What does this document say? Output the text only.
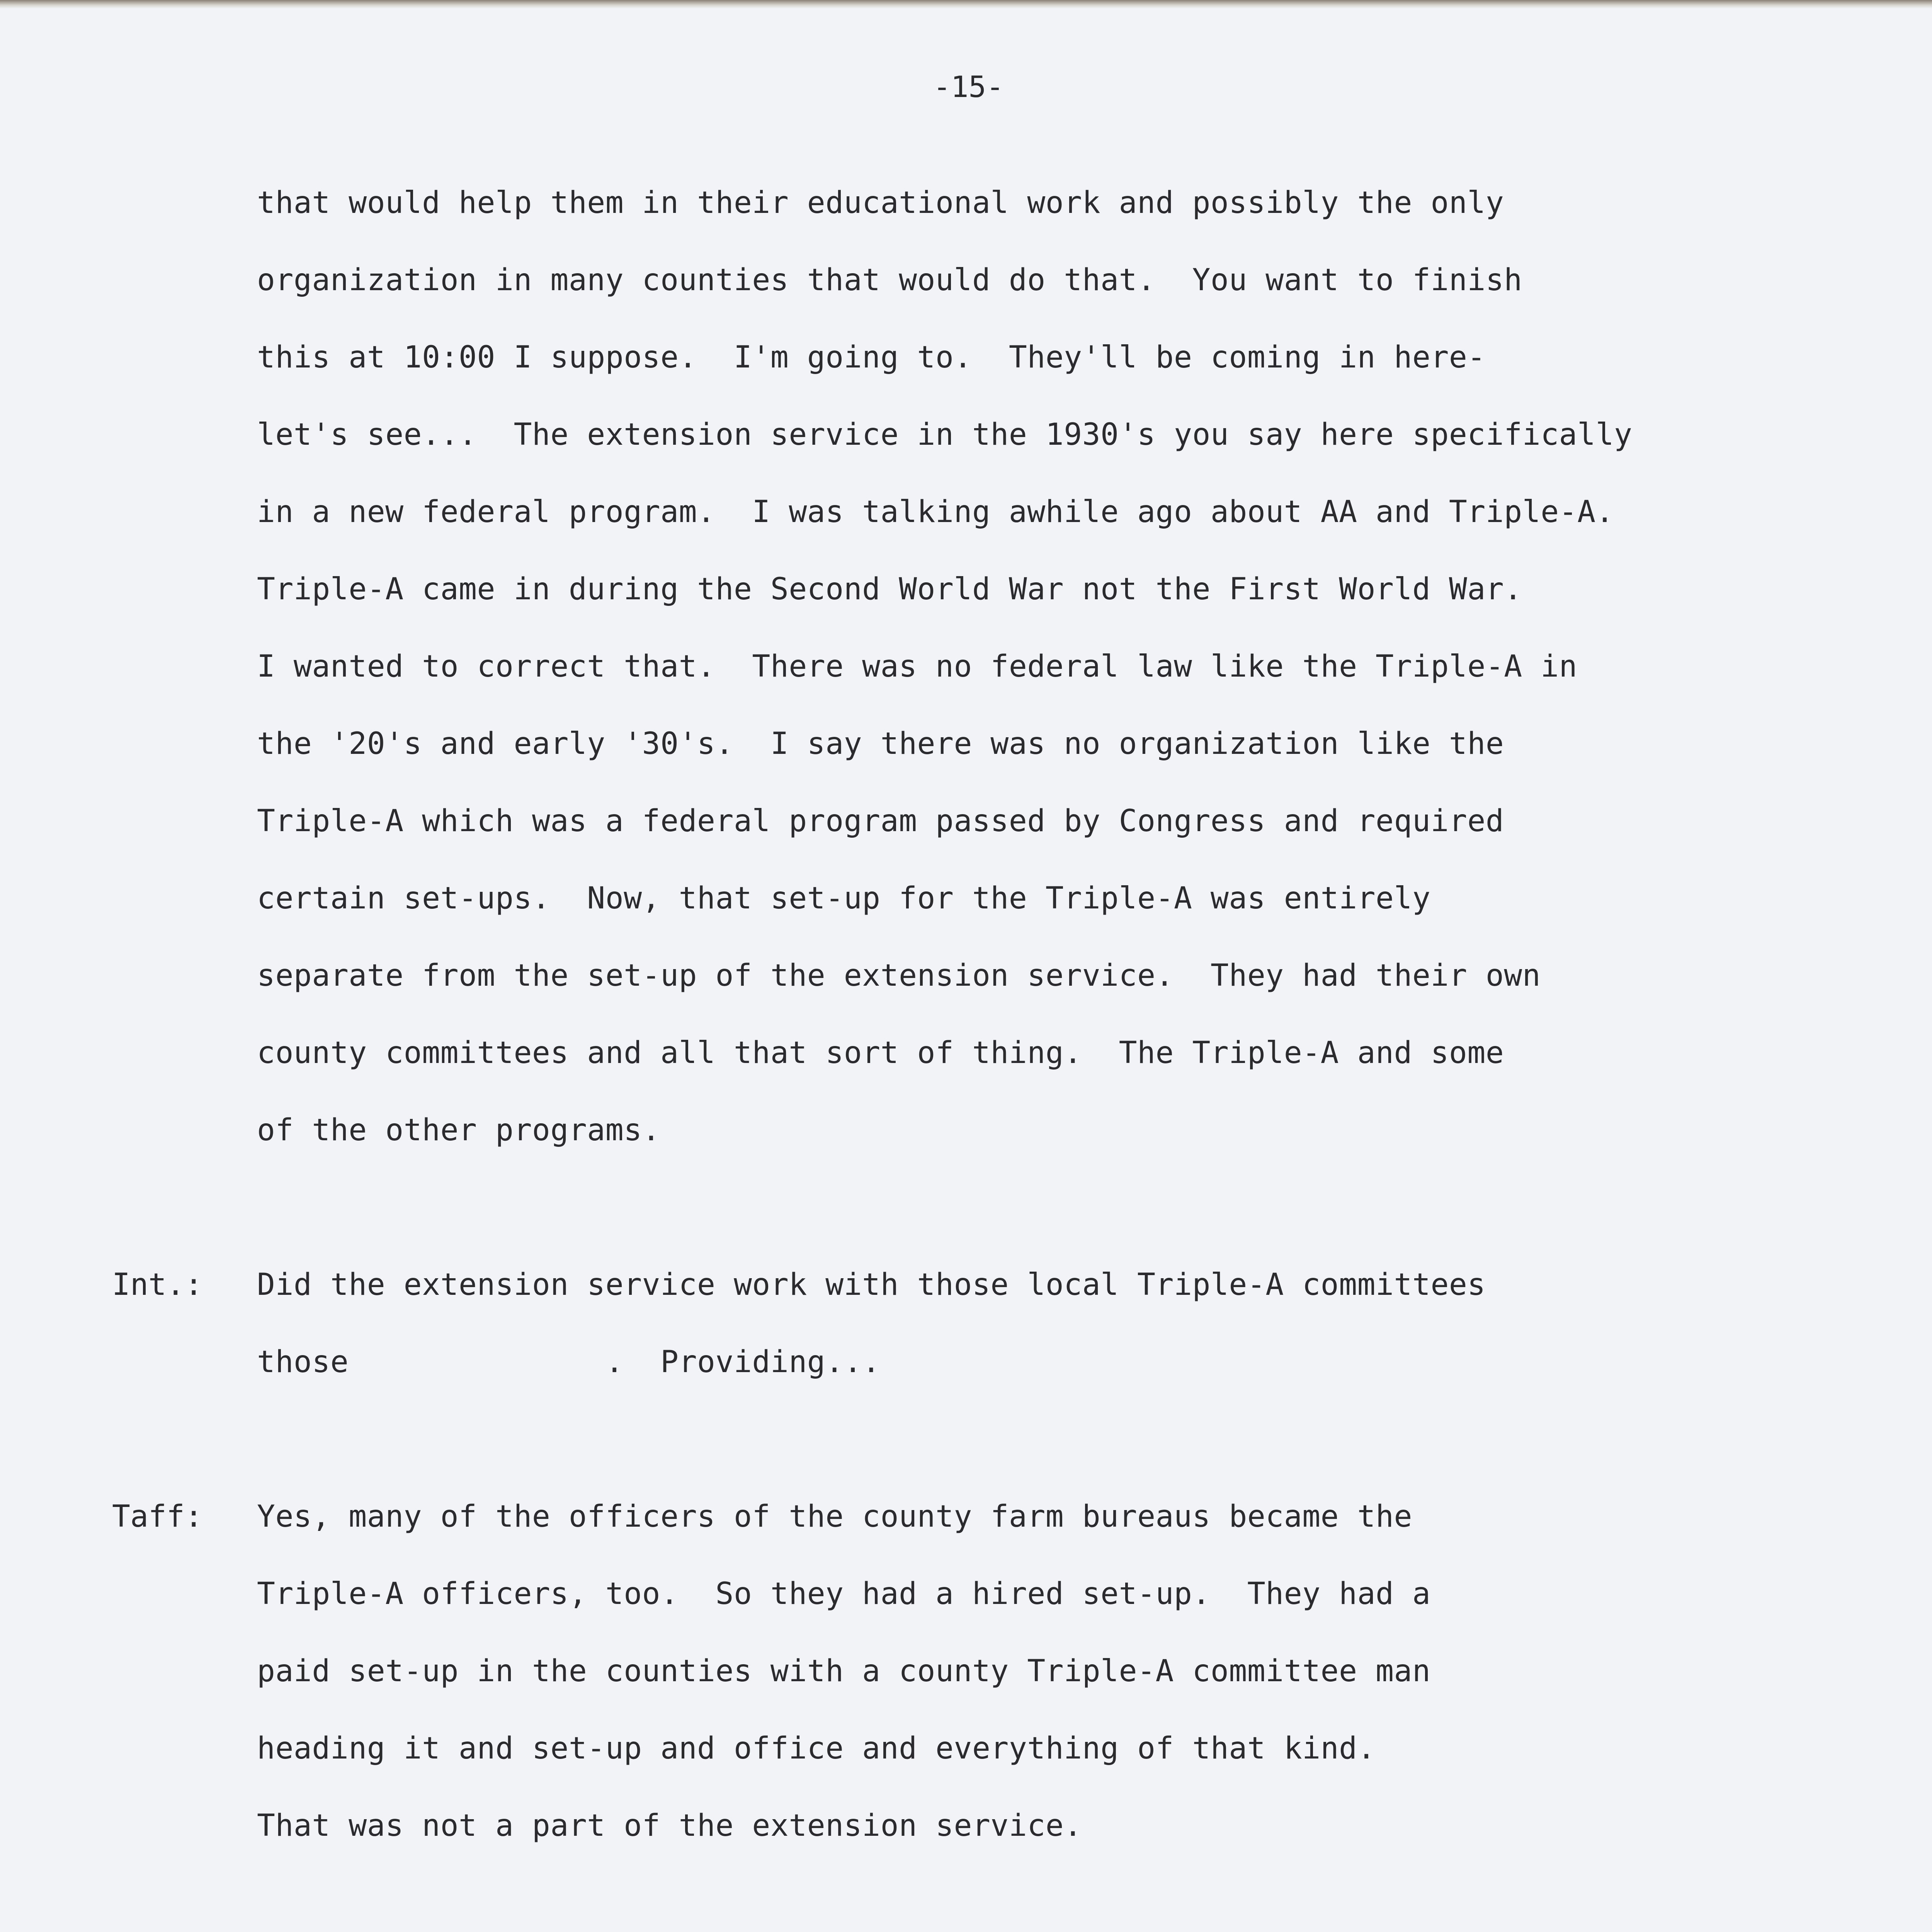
-15-

that would help them in their educational work and possibly the only

organization in many counties that would do that.  You want to finish

this at 10:00 I suppose.  I'm going to.  They'll be coming in here-

let's see...  The extension service in the 1930's you say here specifically

in a new federal program.  I was talking awhile ago about AA and Triple-A.

Triple-A came in during the Second World War not the First World War.

I wanted to correct that.  There was no federal law like the Triple-A in

the '20's and early '30's.  I say there was no organization like the

Triple-A which was a federal program passed by Congress and required

certain set-ups.  Now, that set-up for the Triple-A was entirely

separate from the set-up of the extension service.  They had their own

county committees and all that sort of thing.  The Triple-A and some

of the other programs.

Int.: Did the extension service work with those local Triple-A committees

those              .  Providing...

Taff: Yes, many of the officers of the county farm bureaus became the

Triple-A officers, too.  So they had a hired set-up.  They had a

paid set-up in the counties with a county Triple-A committee man

heading it and set-up and office and everything of that kind.

That was not a part of the extension service.
